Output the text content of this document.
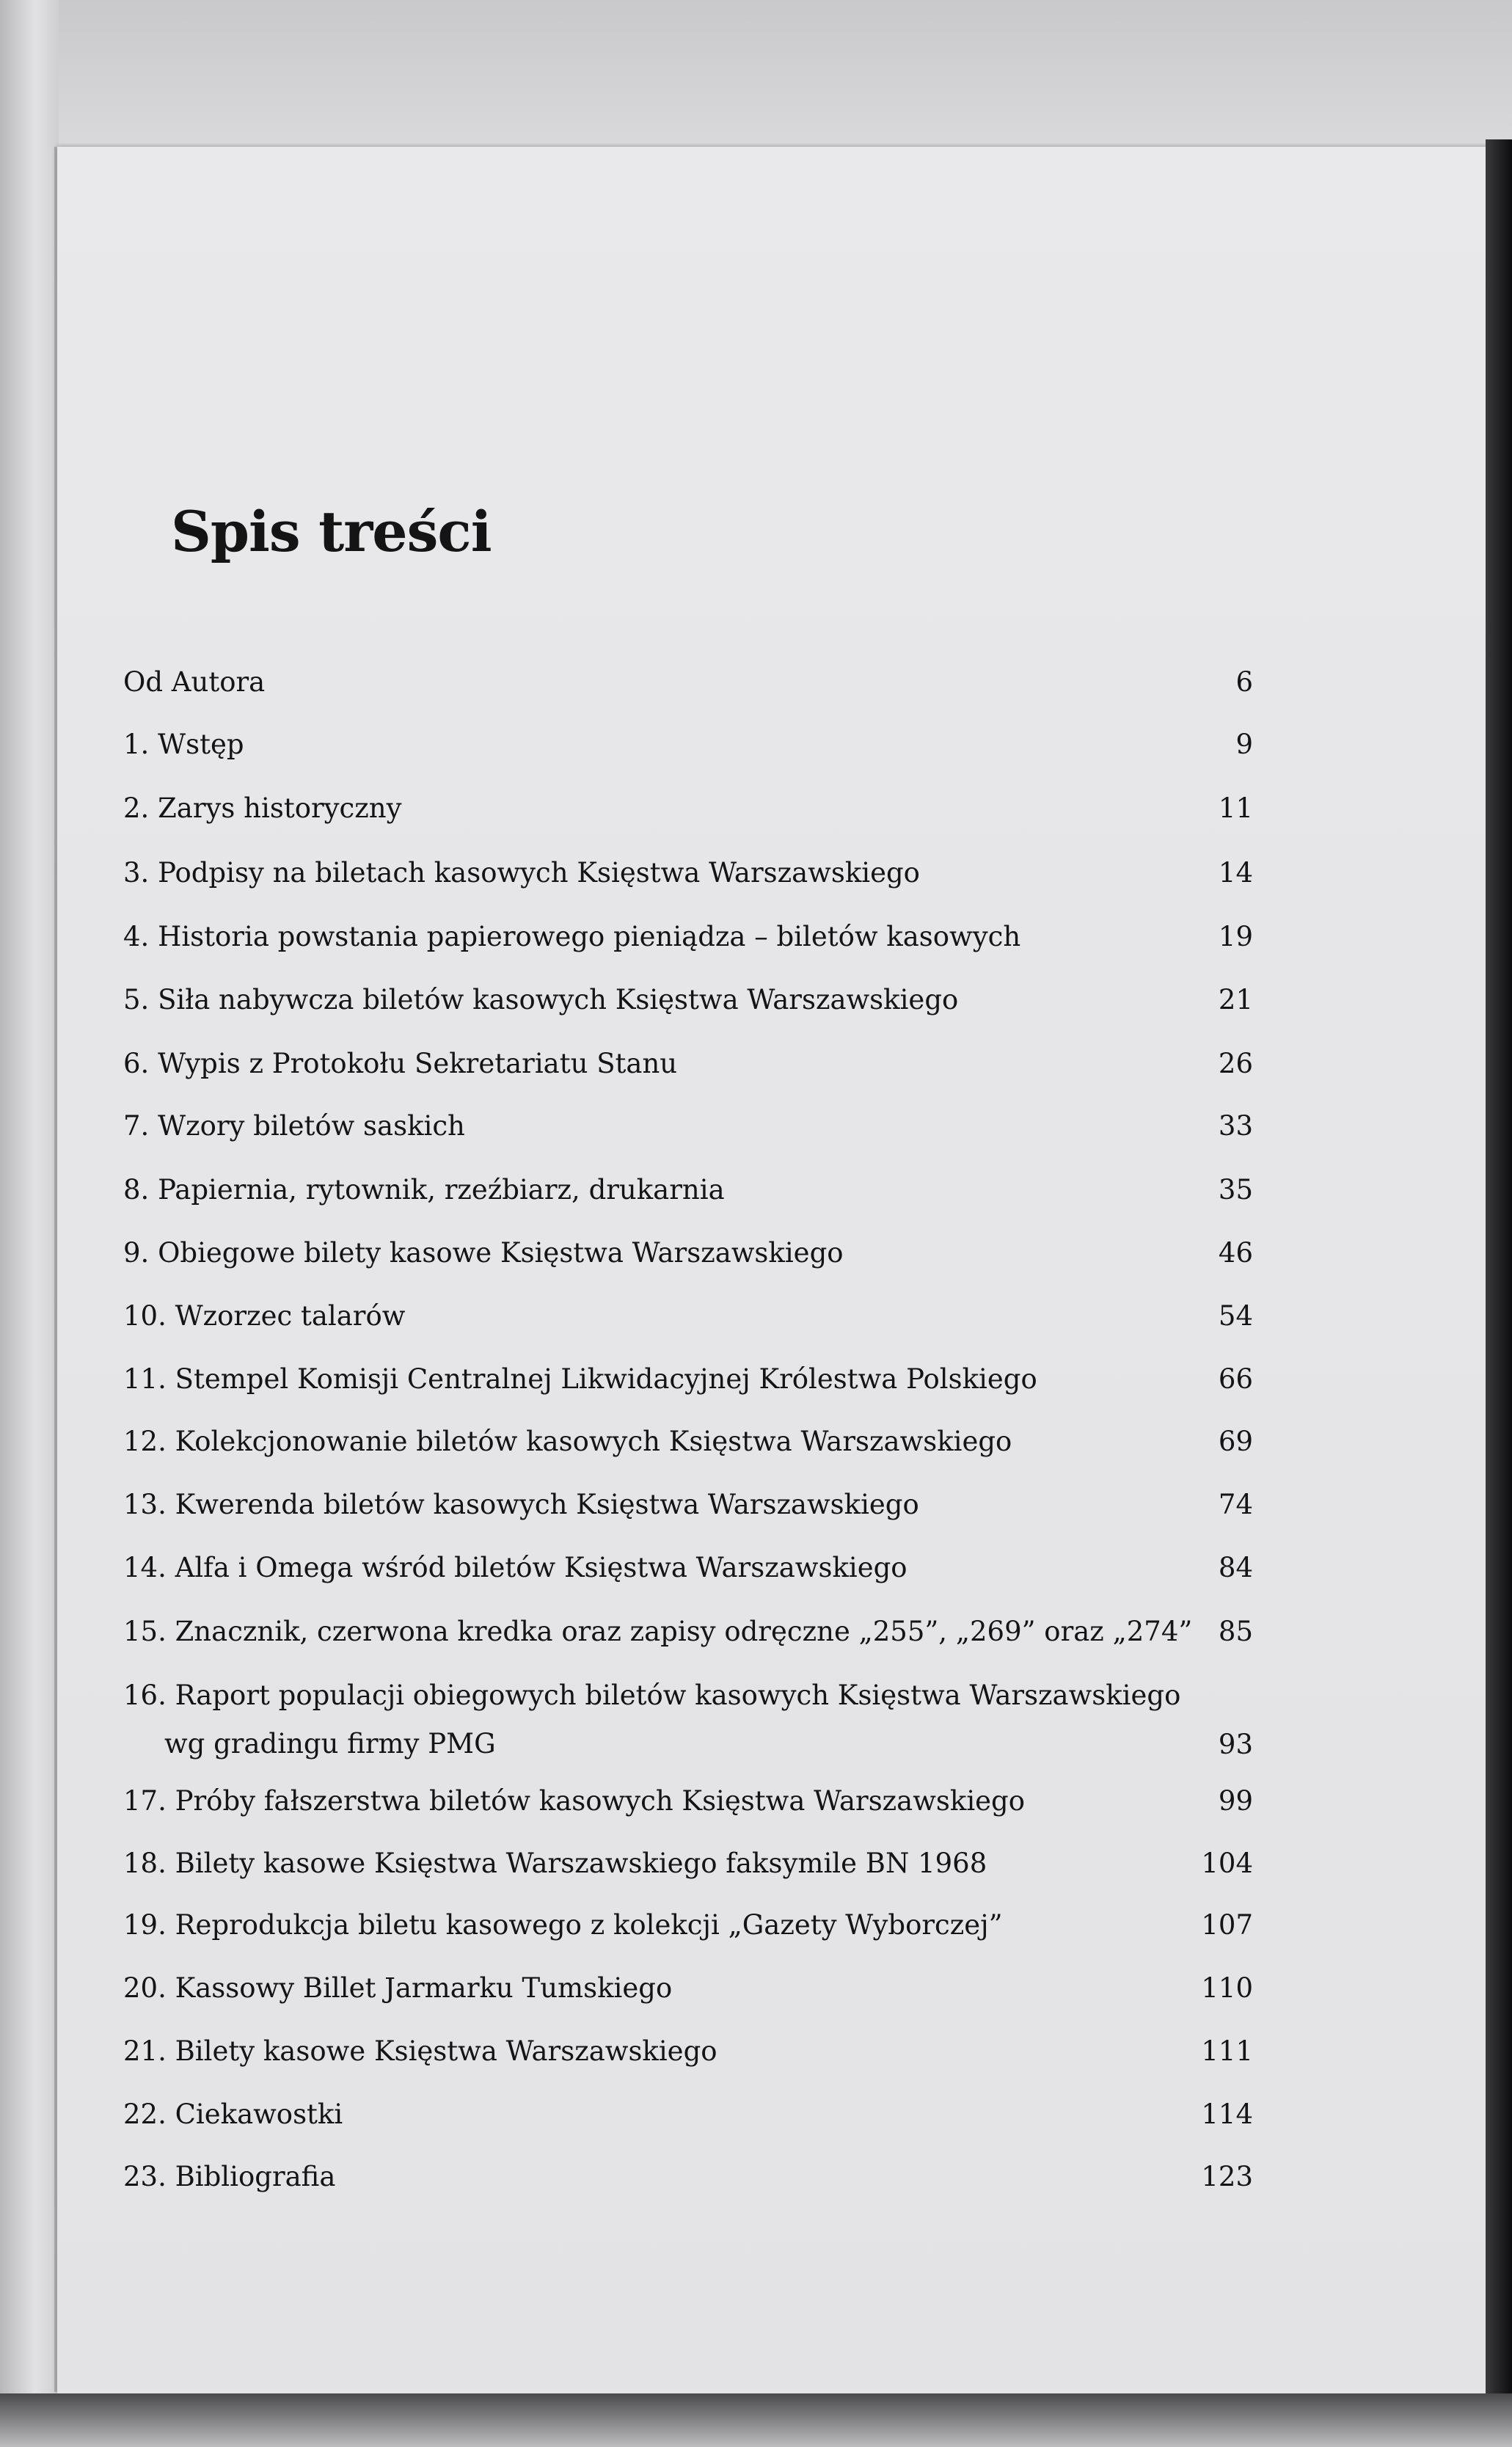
Spis treści
Od Autora	6
1. Wstęp	9
2. Zarys historyczny	11
3. Podpisy na biletach kasowych Księstwa Warszawskiego	14
4. Historia powstania papierowego pieniądza – biletów kasowych	19
5. Siła nabywcza biletów kasowych Księstwa Warszawskiego	21
6. Wypis z Protokołu Sekretariatu Stanu	26
7. Wzory biletów saskich	33
8. Papiernia, rytownik, rzeźbiarz, drukarnia	35
9. Obiegowe bilety kasowe Księstwa Warszawskiego	46
10. Wzorzec talarów	54
11. Stempel Komisji Centralnej Likwidacyjnej Królestwa Polskiego	66
12. Kolekcjonowanie biletów kasowych Księstwa Warszawskiego	69
13. Kwerenda biletów kasowych Księstwa Warszawskiego	74
14. Alfa i Omega wśród biletów Księstwa Warszawskiego	84
15. Znacznik, czerwona kredka oraz zapisy odręczne „255”, „269” oraz „274” 85
16. Raport populacji obiegowych biletów kasowych Księstwa Warszawskiego
wg gradingu firmy PMG	93
17. Próby fałszerstwa biletów kasowych Księstwa Warszawskiego	99
18. Bilety kasowe Księstwa Warszawskiego faksymile BN 1968	104
19. Reprodukcja biletu kasowego z kolekcji „Gazety Wyborczej”	107
20. Kassowy Billet Jarmarku Tumskiego	110
21. Bilety kasowe Księstwa Warszawskiego	111
22. Ciekawostki	114
23. Bibliografia	123
